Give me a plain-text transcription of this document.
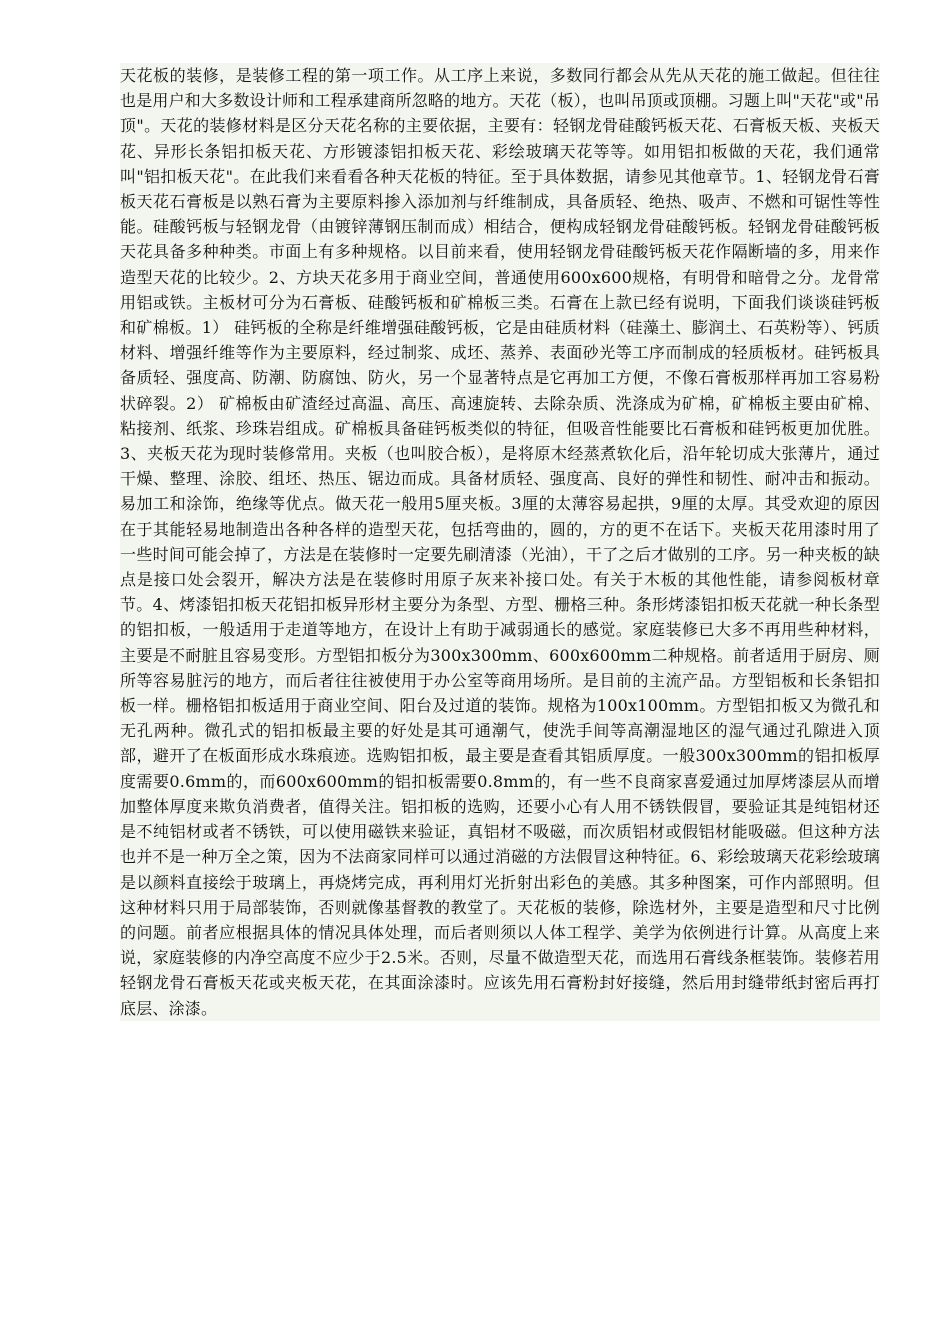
天花板的装修，是装修工程的第一项工作。从工序上来说，多数同行都会从先从天花的施工做起。但往往也是用户和大多数设计师和工程承建商所忽略的地方。天花（板），也叫吊顶或顶棚。习题上叫"天花"或"吊顶"。天花的装修材料是区分天花名称的主要依据，主要有：轻钢龙骨硅酸钙板天花、石膏板天板、夹板天花、异形长条铝扣板天花、方形镀漆铝扣板天花、彩绘玻璃天花等等。如用铝扣板做的天花，我们通常叫"铝扣板天花"。在此我们来看看各种天花板的特征。至于具体数据，请参见其他章节。1、轻钢龙骨石膏板天花石膏板是以熟石膏为主要原料掺入添加剂与纤维制成，具备质轻、绝热、吸声、不燃和可锯性等性能。硅酸钙板与轻钢龙骨（由镀锌薄钢压制而成）相结合，便构成轻钢龙骨硅酸钙板。轻钢龙骨硅酸钙板天花具备多种种类。市面上有多种规格。以目前来看，使用轻钢龙骨硅酸钙板天花作隔断墙的多，用来作造型天花的比较少。2、方块天花多用于商业空间，普通使用600x600规格，有明骨和暗骨之分。龙骨常用铝或铁。主板材可分为石膏板、硅酸钙板和矿棉板三类。石膏在上款已经有说明，下面我们谈谈硅钙板和矿棉板。1） 硅钙板的全称是纤维增强硅酸钙板，它是由硅质材料（硅藻土、膨润土、石英粉等）、钙质材料、增强纤维等作为主要原料，经过制浆、成坯、蒸养、表面砂光等工序而制成的轻质板材。硅钙板具备质轻、强度高、防潮、防腐蚀、防火，另一个显著特点是它再加工方便，不像石膏板那样再加工容易粉状碎裂。2） 矿棉板由矿渣经过高温、高压、高速旋转、去除杂质、洗涤成为矿棉，矿棉板主要由矿棉、粘接剂、纸浆、珍珠岩组成。矿棉板具备硅钙板类似的特征，但吸音性能要比石膏板和硅钙板更加优胜。3、夹板天花为现时装修常用。夹板（也叫胶合板），是将原木经蒸煮软化后，沿年轮切成大张薄片，通过干燥、整理、涂胶、组坯、热压、锯边而成。具备材质轻、强度高、良好的弹性和韧性、耐冲击和振动。易加工和涂饰，绝缘等优点。做天花一般用5厘夹板。3厘的太薄容易起拱，9厘的太厚。其受欢迎的原因在于其能轻易地制造出各种各样的造型天花，包括弯曲的，圆的，方的更不在话下。夹板天花用漆时用了一些时间可能会掉了，方法是在装修时一定要先刷清漆（光油），干了之后才做别的工序。另一种夹板的缺点是接口处会裂开，解决方法是在装修时用原子灰来补接口处。有关于木板的其他性能，请参阅板材章节。4、烤漆铝扣板天花铝扣板异形材主要分为条型、方型、栅格三种。条形烤漆铝扣板天花就一种长条型的铝扣板，一般适用于走道等地方，在设计上有助于减弱通长的感觉。家庭装修已大多不再用些种材料，主要是不耐脏且容易变形。方型铝扣板分为300x300mm、600x600mm二种规格。前者适用于厨房、厕所等容易脏污的地方，而后者往往被使用于办公室等商用场所。是目前的主流产品。方型铝板和长条铝扣板一样。栅格铝扣板适用于商业空间、阳台及过道的装饰。规格为100x100mm。方型铝扣板又为微孔和无孔两种。微孔式的铝扣板最主要的好处是其可通潮气，使洗手间等高潮湿地区的湿气通过孔隙进入顶部，避开了在板面形成水珠痕迹。选购铝扣板，最主要是查看其铝质厚度。一般300x300mm的铝扣板厚度需要0.6mm的，而600x600mm的铝扣板需要0.8mm的，有一些不良商家喜爱通过加厚烤漆层从而增加整体厚度来欺负消费者，值得关注。铝扣板的选购，还要小心有人用不锈铁假冒，要验证其是纯铝材还是不纯铝材或者不锈铁，可以使用磁铁来验证，真铝材不吸磁，而次质铝材或假铝材能吸磁。但这种方法也并不是一种万全之策，因为不法商家同样可以通过消磁的方法假冒这种特征。6、彩绘玻璃天花彩绘玻璃是以颜料直接绘于玻璃上，再烧烤完成，再利用灯光折射出彩色的美感。其多种图案，可作内部照明。但这种材料只用于局部装饰，否则就像基督教的教堂了。天花板的装修，除选材外，主要是造型和尺寸比例的问题。前者应根据具体的情况具体处理，而后者则须以人体工程学、美学为依例进行计算。从高度上来说，家庭装修的内净空高度不应少于2.5米。否则，尽量不做造型天花，而选用石膏线条框装饰。装修若用轻钢龙骨石膏板天花或夹板天花，在其面涂漆时。应该先用石膏粉封好接缝，然后用封缝带纸封密后再打底层、涂漆。
